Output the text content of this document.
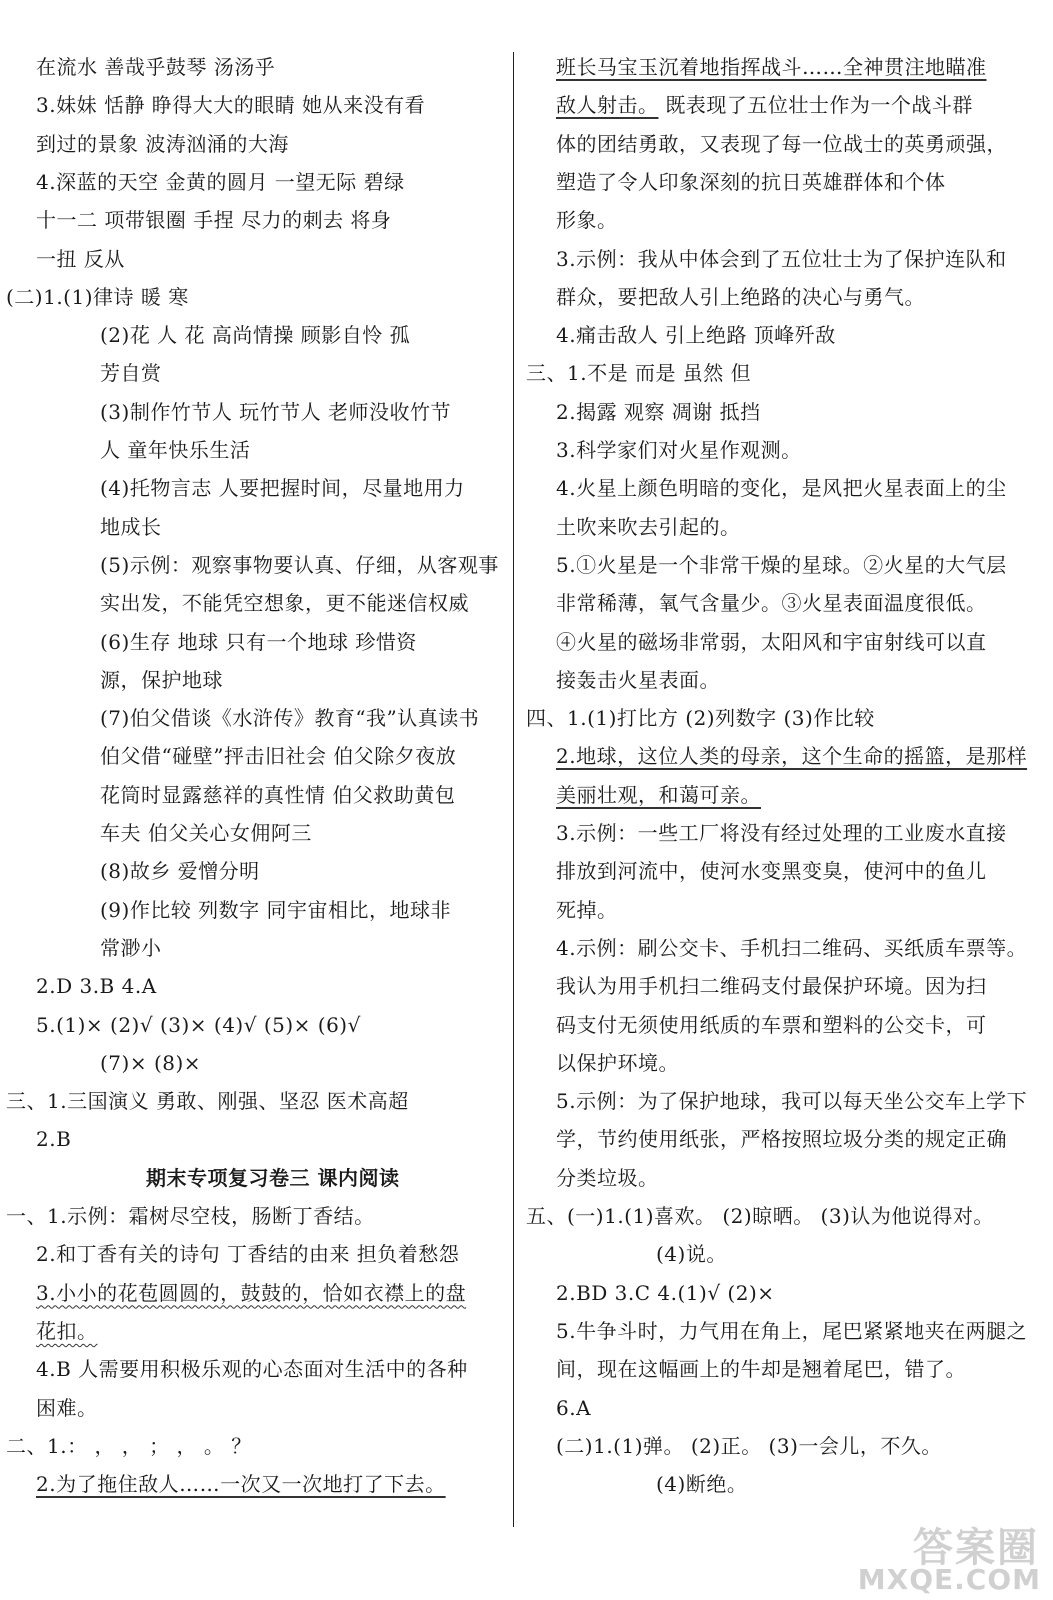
在流水 善哉乎鼓琴 汤汤乎
3.妹妹 恬静 睁得大大的眼睛 她从来没有看
到过的景象 波涛汹涌的大海
4.深蓝的天空 金黄的圆月 一望无际 碧绿
十一二 项带银圈 手捏 尽力的刺去 将身
一扭 反从
(二)1.(1)律诗 暖 寒
(2)花 人 花 高尚情操 顾影自怜 孤
芳自赏
(3)制作竹节人 玩竹节人 老师没收竹节
人 童年快乐生活
(4)托物言志 人要把握时间，尽量地用力
地成长
(5)示例：观察事物要认真、仔细，从客观事
实出发，不能凭空想象，更不能迷信权威
(6)生存 地球 只有一个地球 珍惜资
源，保护地球
(7)伯父借谈《水浒传》教育“我”认真读书
伯父借“碰壁”抨击旧社会 伯父除夕夜放
花筒时显露慈祥的真性情 伯父救助黄包
车夫 伯父关心女佣阿三
(8)故乡 爱憎分明
(9)作比较 列数字 同宇宙相比，地球非
常渺小
2.D 3.B 4.A
5.(1)× (2)√ (3)× (4)√ (5)× (6)√
(7)× (8)×
三、1.三国演义 勇敢、刚强、坚忍 医术高超
2.B
期末专项复习卷三 课内阅读
一、1.示例：霜树尽空枝，肠断丁香结。
2.和丁香有关的诗句 丁香结的由来 担负着愁怨
3.小小的花苞圆圆的，鼓鼓的，恰如衣襟上的盘
花扣。
4.B 人需要用积极乐观的心态面对生活中的各种
困难。
二、1.： ， ， ； ， 。 ？
2.为了拖住敌人……一次又一次地打了下去。
班长马宝玉沉着地指挥战斗……全神贯注地瞄准
敌人射击。 既表现了五位壮士作为一个战斗群
体的团结勇敢，又表现了每一位战士的英勇顽强，
塑造了令人印象深刻的抗日英雄群体和个体
形象。
3.示例：我从中体会到了五位壮士为了保护连队和
群众，要把敌人引上绝路的决心与勇气。
4.痛击敌人 引上绝路 顶峰歼敌
三、1.不是 而是 虽然 但
2.揭露 观察 凋谢 抵挡
3.科学家们对火星作观测。
4.火星上颜色明暗的变化，是风把火星表面上的尘
土吹来吹去引起的。
5.①火星是一个非常干燥的星球。②火星的大气层
非常稀薄，氧气含量少。③火星表面温度很低。
④火星的磁场非常弱，太阳风和宇宙射线可以直
接轰击火星表面。
四、1.(1)打比方 (2)列数字 (3)作比较
2.地球，这位人类的母亲，这个生命的摇篮，是那样
美丽壮观，和蔼可亲。
3.示例：一些工厂将没有经过处理的工业废水直接
排放到河流中，使河水变黑变臭，使河中的鱼儿
死掉。
4.示例：刷公交卡、手机扫二维码、买纸质车票等。
我认为用手机扫二维码支付最保护环境。因为扫
码支付无须使用纸质的车票和塑料的公交卡，可
以保护环境。
5.示例：为了保护地球，我可以每天坐公交车上学下
学，节约使用纸张，严格按照垃圾分类的规定正确
分类垃圾。
五、(一)1.(1)喜欢。 (2)晾晒。 (3)认为他说得对。
(4)说。
2.BD 3.C 4.(1)√ (2)×
5.牛争斗时，力气用在角上，尾巴紧紧地夹在两腿之
间，现在这幅画上的牛却是翘着尾巴，错了。
6.A
(二)1.(1)弹。 (2)正。 (3)一会儿，不久。
(4)断绝。
答案圈
MXQE.COM
